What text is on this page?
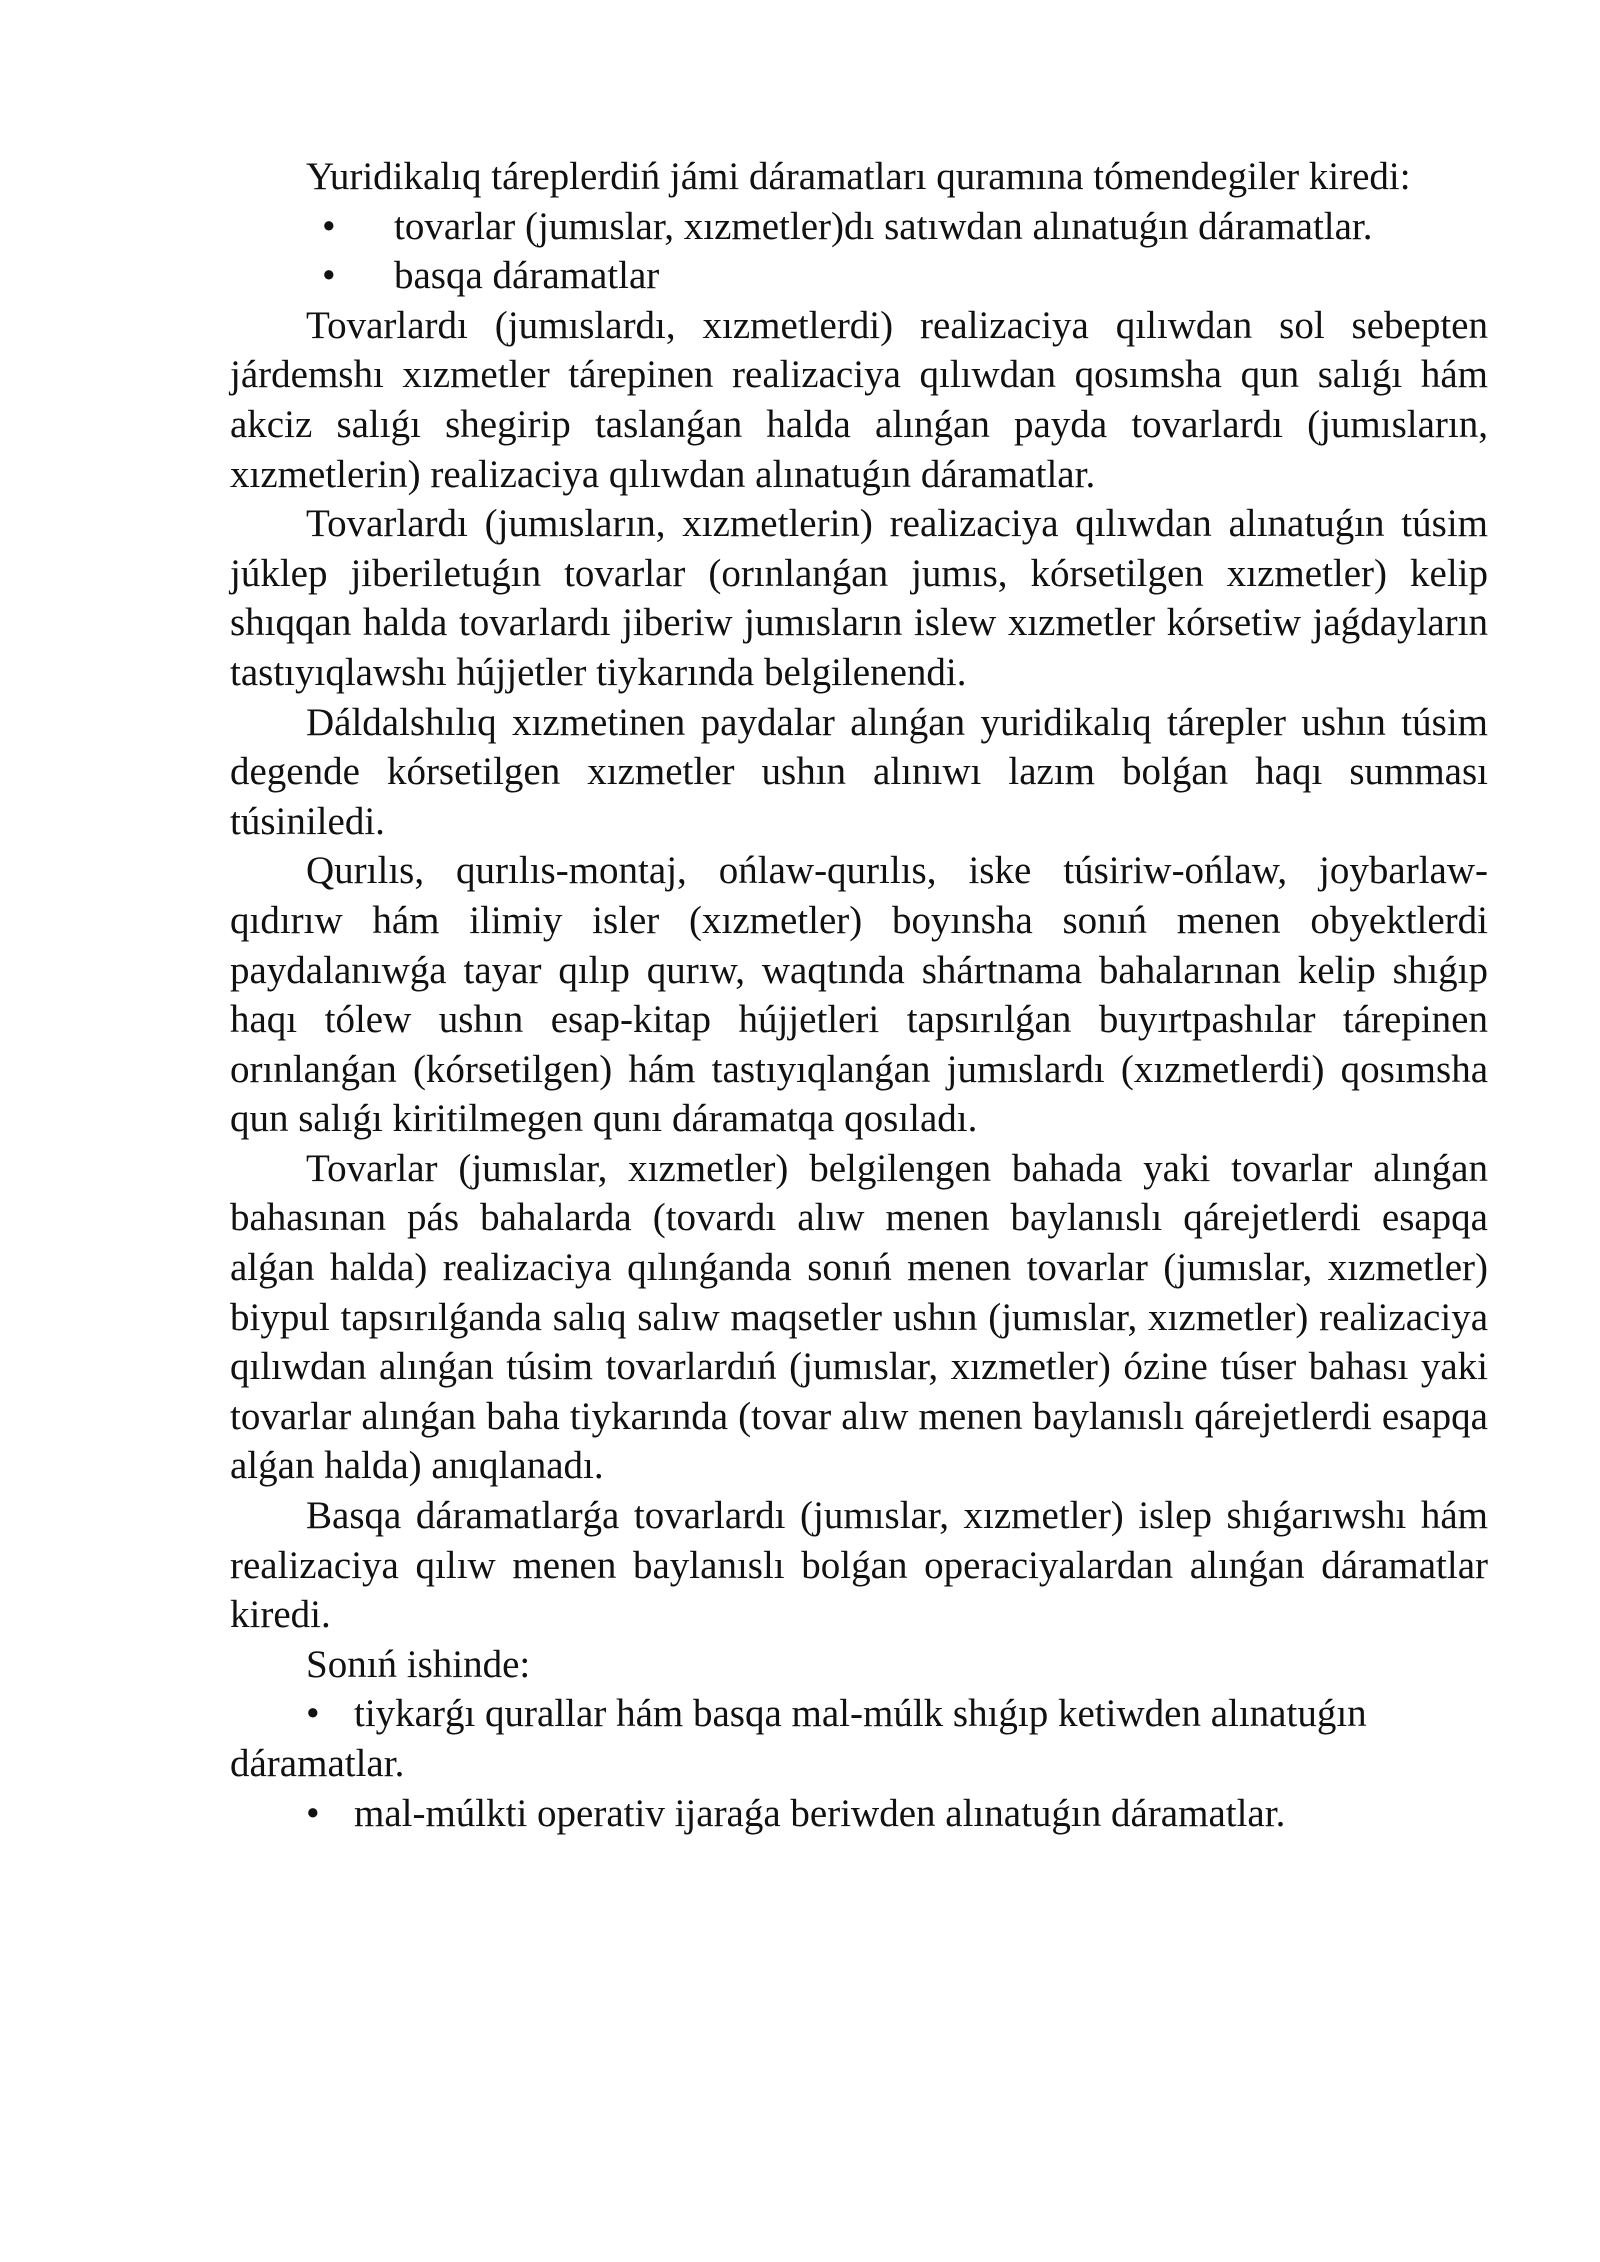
Yuridikalıq táreplerdiń jámi dáramatları quramına tómendegiler kiredi:

• tovarlar (jumıslar, xızmetler)dı satıwdan alınatuǵın dáramatlar.
• basqa dáramatlar

Tovarlardı (jumıslardı, xızmetlerdi) realizaciya qılıwdan sol sebepten járdemshı xızmetler tárepinen realizaciya qılıwdan qosımsha qun salıǵı hám akciz salıǵı shegirip taslanǵan halda alınǵan payda tovarlardı (jumısların, xızmetlerin) realizaciya qılıwdan alınatuǵın dáramatlar.

Tovarlardı (jumısların, xızmetlerin) realizaciya qılıwdan alınatuǵın túsim júklep jiberiletuǵın tovarlar (orınlanǵan jumıs, kórsetilgen xızmetler) kelip shıqqan halda tovarlardı jiberiw jumısların islew xızmetler kórsetiw jaǵdayların tastıyıqlawshı hújjetler tiykarında belgilenendi.

Dáldalshılıq xızmetinen paydalar alınǵan yuridikalıq tárepler ushın túsim degende kórsetilgen xızmetler ushın alınıwı lazım bolǵan haqı summası túsiniledi.

Qurılıs, qurılıs-montaj, ońlaw-qurılıs, iske túsiriw-ońlaw, joybarlaw-qıdırıw hám ilimiy isler (xızmetler) boyınsha sonıń menen obyektlerdi paydalanıwǵa tayar qılıp qurıw, waqtında shártnama bahalarınan kelip shıǵıp haqı tólew ushın esap-kitap hújjetleri tapsırılǵan buyırtpashılar tárepinen orınlanǵan (kórsetilgen) hám tastıyıqlanǵan jumıslardı (xızmetlerdi) qosımsha qun salıǵı kiritilmegen qunı dáramatqa qosıladı.

Tovarlar (jumıslar, xızmetler) belgilengen bahada yaki tovarlar alınǵan bahasınan pás bahalarda (tovardı alıw menen baylanıslı qárejetlerdi esapqa alǵan halda) realizaciya qılınǵanda sonıń menen tovarlar (jumıslar, xızmetler) biypul tapsırılǵanda salıq salıw maqsetler ushın (jumıslar, xızmetler) realizaciya qılıwdan alınǵan túsim tovarlardıń (jumıslar, xızmetler) ózine túser bahası yaki tovarlar alınǵan baha tiykarında (tovar alıw menen baylanıslı qárejetlerdi esapqa alǵan halda) anıqlanadı.

Basqa dáramatlarǵa tovarlardı (jumıslar, xızmetler) islep shıǵarıwshı hám realizaciya qılıw menen baylanıslı bolǵan operaciyalardan alınǵan dáramatlar kiredi.

Sonıń ishinde:

• tiykarǵı qurallar hám basqa mal-múlk shıǵıp ketiwden alınatuǵın dáramatlar.

• mal-múlkti operativ ijaraǵa beriwden alınatuǵın dáramatlar.
